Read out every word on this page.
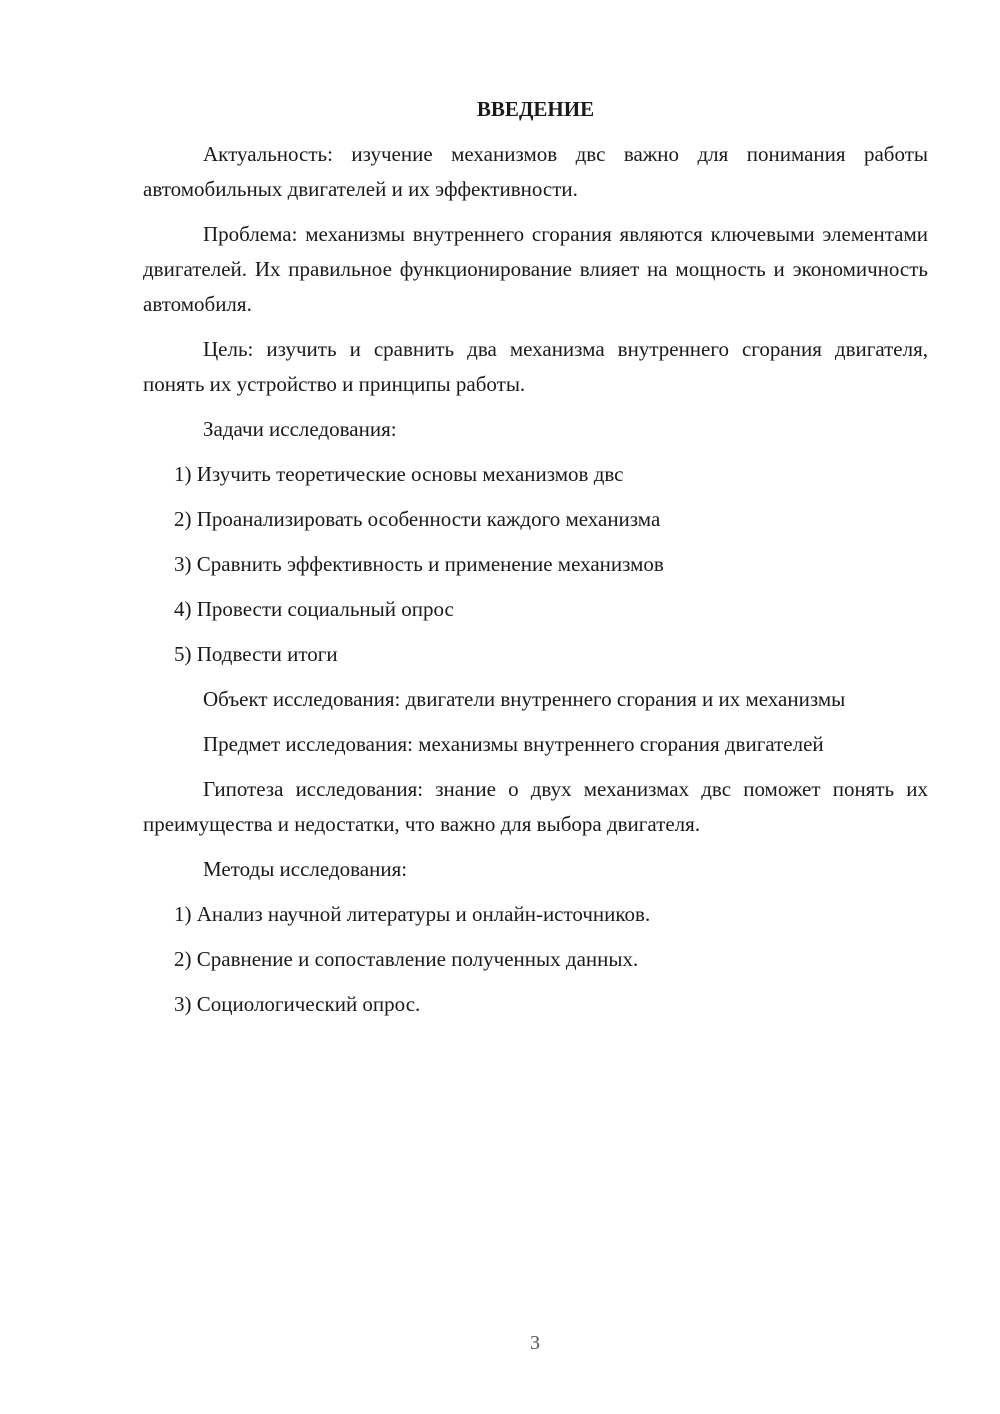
ВВЕДЕНИЕ

Актуальность: изучение механизмов двс важно для понимания работы автомобильных двигателей и их эффективности.

Проблема: механизмы внутреннего сгорания являются ключевыми элементами двигателей. Их правильное функционирование влияет на мощность и экономичность автомобиля.

Цель: изучить и сравнить два механизма внутреннего сгорания двигателя, понять их устройство и принципы работы.

Задачи исследования:

1) Изучить теоретические основы механизмов двс

2) Проанализировать особенности каждого механизма

3) Сравнить эффективность и применение механизмов

4) Провести социальный опрос

5) Подвести итоги

Объект исследования: двигатели внутреннего сгорания и их механизмы

Предмет исследования: механизмы внутреннего сгорания двигателей

Гипотеза исследования: знание о двух механизмах двс поможет понять их преимущества и недостатки, что важно для выбора двигателя.

Методы исследования:

1) Анализ научной литературы и онлайн-источников.

2) Сравнение и сопоставление полученных данных.

3) Социологический опрос.

3
